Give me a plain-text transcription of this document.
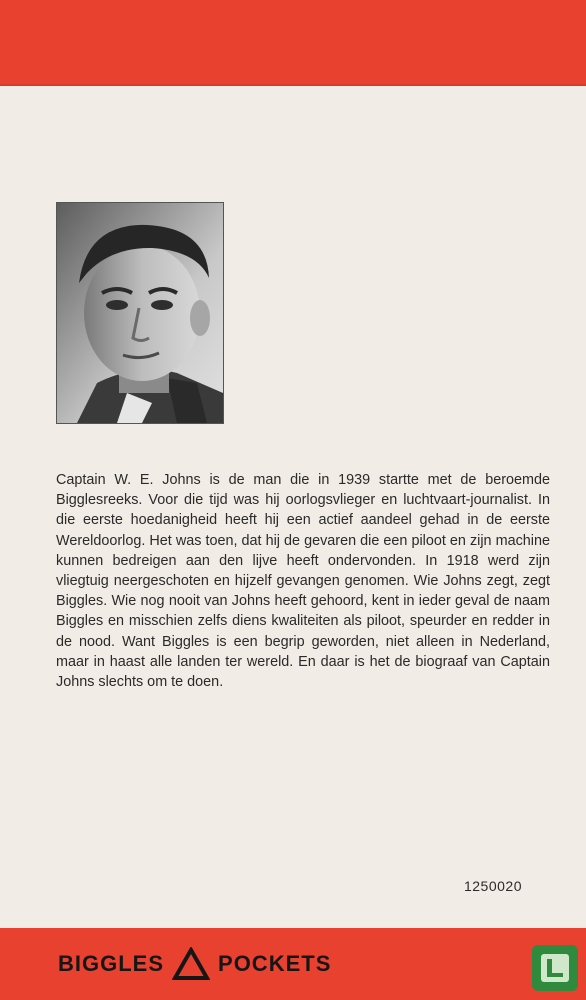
Captain W. E. Johns is de man die in 1939 startte met de beroemde Bigglesreeks. Voor die tijd was hij oorlogsvlieger en luchtvaart-journalist. In die eerste hoedanigheid heeft hij een actief aandeel gehad in de eerste Wereldoorlog. Het was toen, dat hij de gevaren die een piloot en zijn machine kunnen bedreigen aan den lijve heeft ondervonden. In 1918 werd zijn vliegtuig neergeschoten en hijzelf gevangen genomen. Wie Johns zegt, zegt Biggles. Wie nog nooit van Johns heeft gehoord, kent in ieder geval de naam Biggles en misschien zelfs diens kwaliteiten als piloot, speurder en redder in de nood. Want Biggles is een begrip geworden, niet alleen in Nederland, maar in haast alle landen ter wereld. En daar is het de biograaf van Captain Johns slechts om te doen.

1250020
BIGGLES POCKETS
